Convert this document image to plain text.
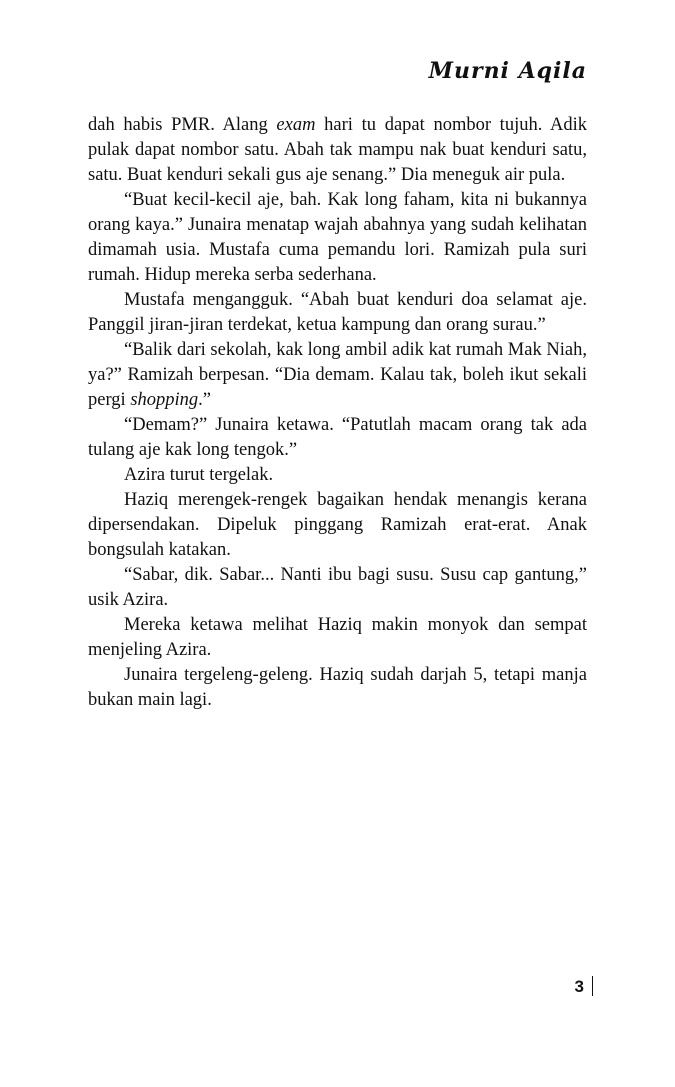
Murni Aqila

dah habis PMR. Alang exam hari tu dapat nombor tujuh. Adik pulak dapat nombor satu. Abah tak mampu nak buat kenduri satu, satu. Buat kenduri sekali gus aje senang.” Dia meneguk air pula.

“Buat kecil-kecil aje, bah. Kak long faham, kita ni bukannya orang kaya.” Junaira menatap wajah abahnya yang sudah kelihatan dimamah usia. Mustafa cuma pemandu lori. Ramizah pula suri rumah. Hidup mereka serba sederhana.

Mustafa mengangguk. “Abah buat kenduri doa selamat aje. Panggil jiran-jiran terdekat, ketua kampung dan orang surau.”

“Balik dari sekolah, kak long ambil adik kat rumah Mak Niah, ya?” Ramizah berpesan. “Dia demam. Kalau tak, boleh ikut sekali pergi shopping.”

“Demam?” Junaira ketawa. “Patutlah macam orang tak ada tulang aje kak long tengok.”

Azira turut tergelak.

Haziq merengek-rengek bagaikan hendak menangis kerana dipersendakan. Dipeluk pinggang Ramizah erat-erat. Anak bongsulah katakan.

“Sabar, dik. Sabar... Nanti ibu bagi susu. Susu cap gantung,” usik Azira.

Mereka ketawa melihat Haziq makin monyok dan sempat menjeling Azira.

Junaira tergeleng-geleng. Haziq sudah darjah 5, tetapi manja bukan main lagi.

3
